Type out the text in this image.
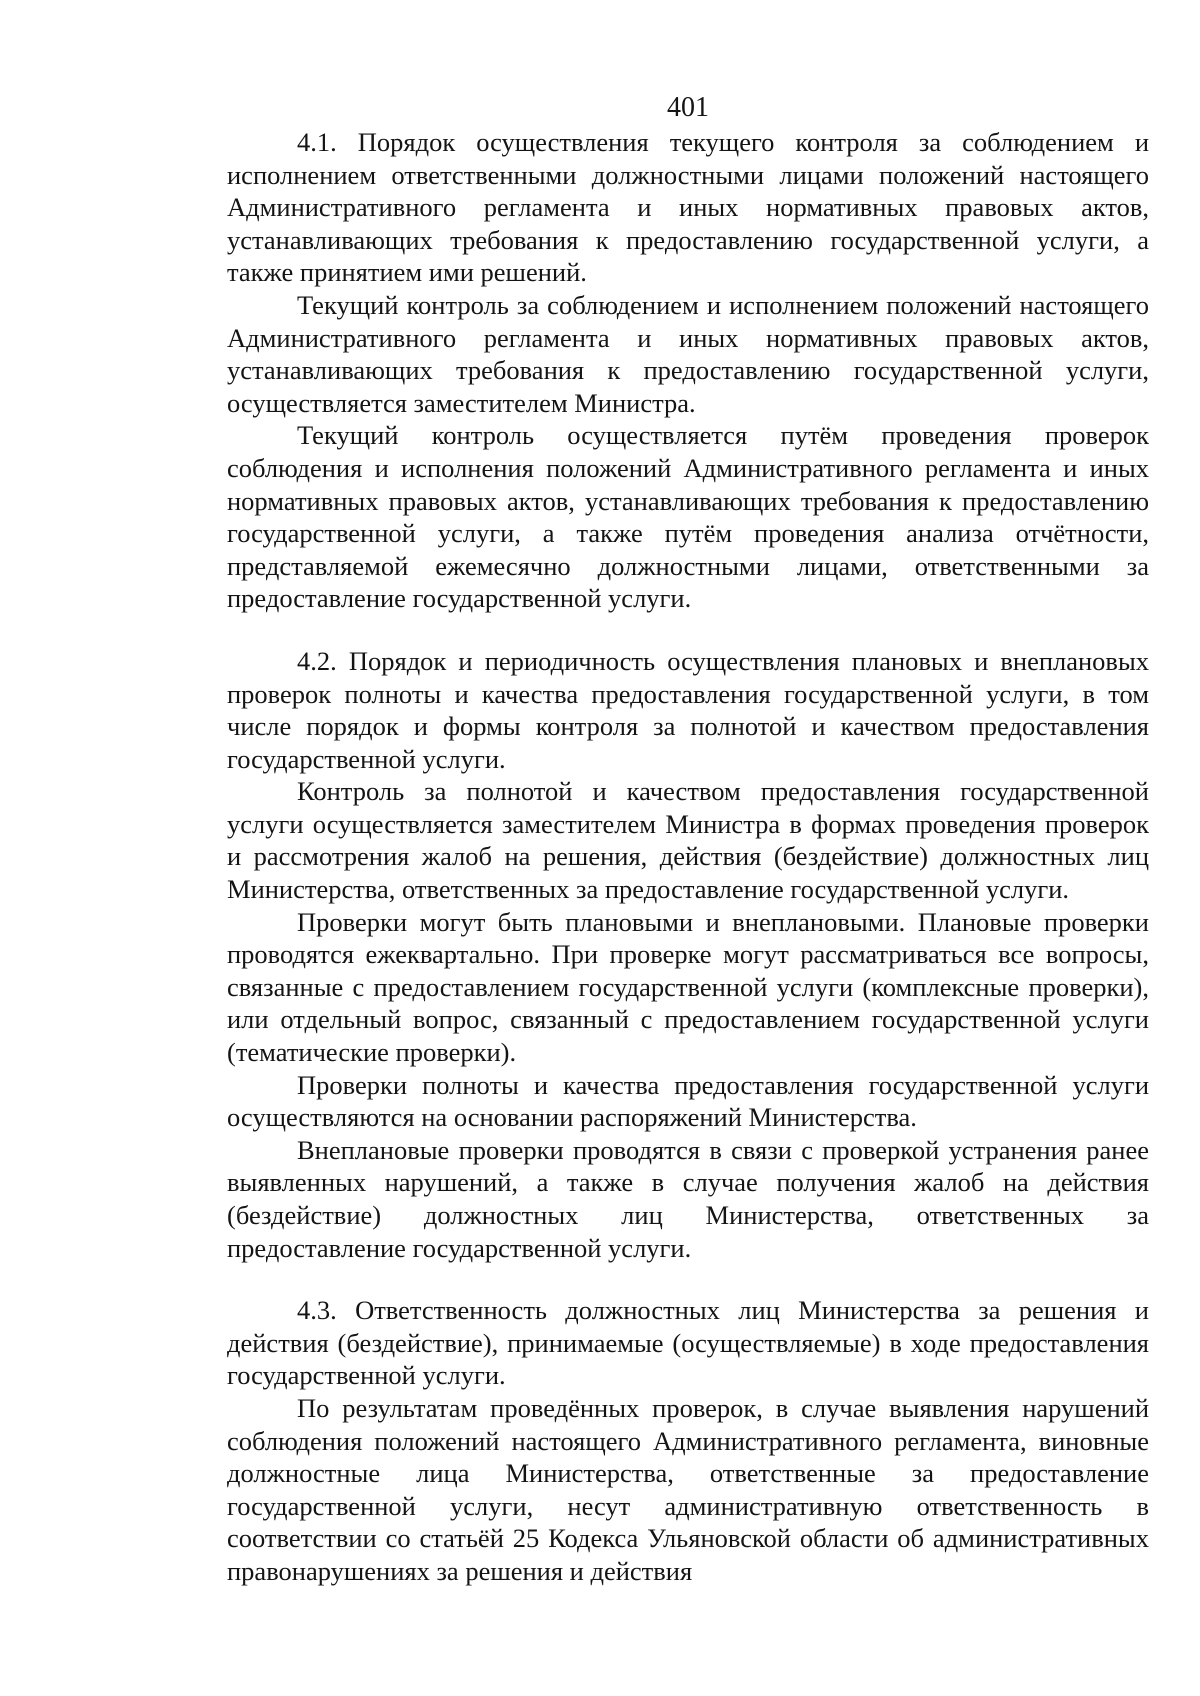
401

4.1. Порядок осуществления текущего контроля за соблюдением и исполнением ответственными должностными лицами положений настоящего Административного регламента и иных нормативных правовых актов, устанавливающих требования к предоставлению государственной услуги, а также принятием ими решений.

Текущий контроль за соблюдением и исполнением положений настоящего Административного регламента и иных нормативных правовых актов, устанавливающих требования к предоставлению государственной услуги, осуществляется заместителем Министра.

Текущий контроль осуществляется путём проведения проверок соблюдения и исполнения положений Административного регламента и иных нормативных правовых актов, устанавливающих требования к предоставлению государственной услуги, а также путём проведения анализа отчётности, представляемой ежемесячно должностными лицами, ответственными за предоставление государственной услуги.

4.2. Порядок и периодичность осуществления плановых и внеплановых проверок полноты и качества предоставления государственной услуги, в том числе порядок и формы контроля за полнотой и качеством предоставления государственной услуги.

Контроль за полнотой и качеством предоставления государственной услуги осуществляется заместителем Министра в формах проведения проверок и рассмотрения жалоб на решения, действия (бездействие) должностных лиц Министерства, ответственных за предоставление государственной услуги.

Проверки могут быть плановыми и внеплановыми. Плановые проверки проводятся ежеквартально. При проверке могут рассматриваться все вопросы, связанные с предоставлением государственной услуги (комплексные проверки), или отдельный вопрос, связанный с предоставлением государственной услуги (тематические проверки).

Проверки полноты и качества предоставления государственной услуги осуществляются на основании распоряжений Министерства.

Внеплановые проверки проводятся в связи с проверкой устранения ранее выявленных нарушений, а также в случае получения жалоб на действия (бездействие) должностных лиц Министерства, ответственных за предоставление государственной услуги.

4.3. Ответственность должностных лиц Министерства за решения и действия (бездействие), принимаемые (осуществляемые) в ходе предоставления государственной услуги.

По результатам проведённых проверок, в случае выявления нарушений соблюдения положений настоящего Административного регламента, виновные должностные лица Министерства, ответственные за предоставление государственной услуги, несут административную ответственность в соответствии со статьёй 25 Кодекса Ульяновской области об административных правонарушениях за решения и действия
